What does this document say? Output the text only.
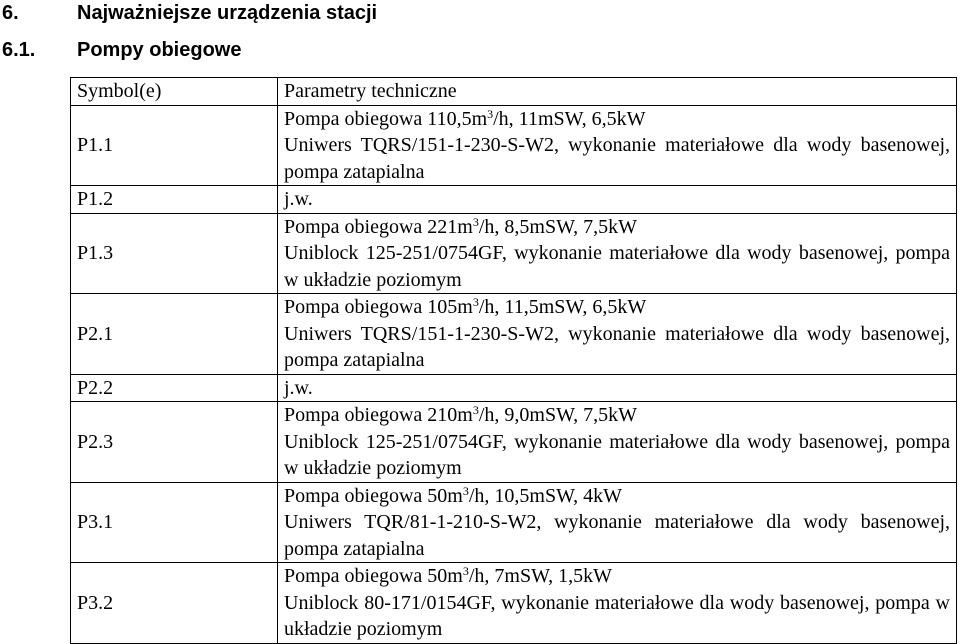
6.	Najważniejsze urządzenia stacji
6.1. Pompy obiegowe
Symbol(e)	Parametry techniczne
P1.1	Pompa obiegowa $110,5m^3/h$, 11mSW, 6,5kW
Uniwers TQRS/151-1-230-S-W2, wykonanie materiałowe dla wody basenowej, pompa zatapialna

P1.2	j.w.

P1.3	Pompa obiegowa $221m^3/h$, 8,5mSW, 7,5kW
Uniblock 125-251/0754GF, wykonanie materiałowe dla wody basenowej, pompa w układzie poziomym

P2.1	Pompa obiegowa $105m^3/h$, 11,5mSW, 6,5kW
Uniwers TQRS/151-1-230-S-W2, wykonanie materiałowe dla wody basenowej, pompa zatapialna

P2.2	j.w.

P2.3	Pompa obiegowa $210m^3/h$, 9,0mSW, 7,5kW
Uniblock 125-251/0754GF, wykonanie materiałowe dla wody basenowej, pompa w układzie poziomym

P3.1	Pompa obiegowa $50m^3/h$, 10,5mSW, 4kW
Uniwers TQR/81-1-210-S-W2, wykonanie materiałowe dla wody basenowej, pompa zatapialna

P3.2	Pompa obiegowa $50m^3/h$, 7mSW, 1,5kW
Uniblock 80-171/0154GF, wykonanie materiałowe dla wody basenowej, pompa w układzie poziomym
